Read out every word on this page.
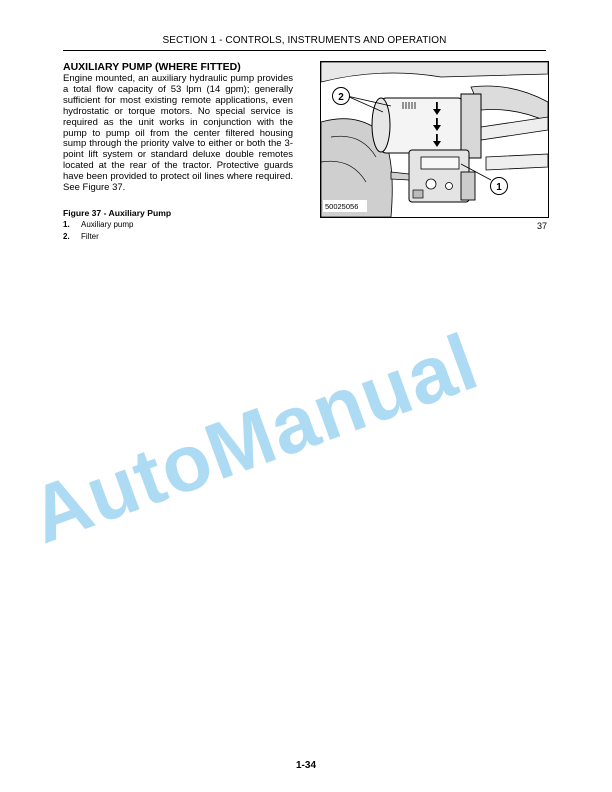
SECTION 1 - CONTROLS, INSTRUMENTS AND OPERATION
AUXILIARY PUMP (WHERE FITTED)
Engine mounted, an auxiliary hydraulic pump provides a total flow capacity of 53 lpm (14 gpm); generally sufficient for most existing remote applications, even hydrostatic or torque motors. No special service is required as the unit works in conjunction with the pump to pump oil from the center filtered housing sump through the priority valve to either or both the 3-point lift system or standard deluxe double remotes located at the rear of the tractor. Protective guards have been provided to protect oil lines where required. See Figure 37.
Figure 37 - Auxiliary Pump
1. Auxiliary pump
2. Filter
2
1
50025056
37
AutoManual
1-34
